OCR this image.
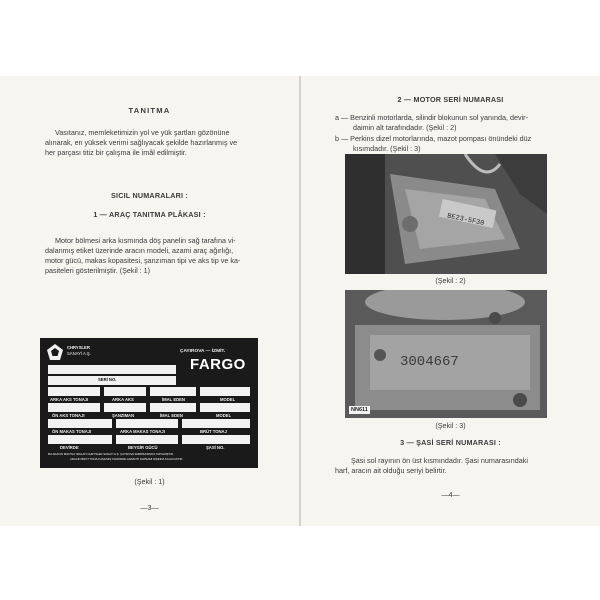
TANITMA
Vasıtanız, memleketimizin yol ve yük şartları gözönüne
alınarak, en yüksek verimi sağlıyacak şekilde hazırlanmış ve
her parçası titiz bir çalışma ile imâl edilmiştir.
SICIL NUMARALARI :
1 — ARAÇ TANITMA PLÂKASI :
Motor bölmesi arka kısmında döş panelin sağ tarafına vi-
dalanmış etiket üzerinde aracın modeli, azami araç ağırlığı,
motor gücü, makas kopasitesi, şanzıman tipi ve aks tip ve ka-
pasiteleri gösterilmiştir. (Şekil : 1)
(Şekil : 1)
—3—
2 — MOTOR SERİ NUMARASI
a — Benzinli motorlarda, silindir blokunun sol yanında, devir-
daimin alt tarafındadır. (Şekil : 2)
b — Perkins dizel motorlarında, mazot pompası önündeki düz
kısımdadır. (Şekil : 3)
(Şekil : 2)
(Şekil : 3)
3 — ŞASİ SERİ NUMARASI :
Şasi sol rayının ön üst kısmındadır. Şasi numarasındaki
harf, aracın ait olduğu seriyi belirtir.
—4—
BE23-5F30
3004667
NN611
CHRYSLER
SANAYİ A.Ş.	ÇAYIROVA — İZMİT.
FARGO
SERİ NO.
ARKA AKS TONAJI	ARKA AKS	İMAL EDEN	MODEL
ÖN AKS TONAJI	ŞANZIMAN	İMAL EDEN	MODEL
ÖN MAKAS TONAJI	ARKA MAKAS TONAJI	BRÜT TONAJ
DEVİRDE	BEYGİR GÜCÜ	ŞASİ NO.
BU ARACIN MONTAJ İMALATI CHRYSLER SANAYİ A.Ş. ÇAYIROVA FABRİKASINDA YAPILMIŞTIR.
ARACIN BRÜT TONAJI AŞILMIŞ TAKDİRDE GARANTİ KAPSAMI DIŞINDA KALACAKTIR.
